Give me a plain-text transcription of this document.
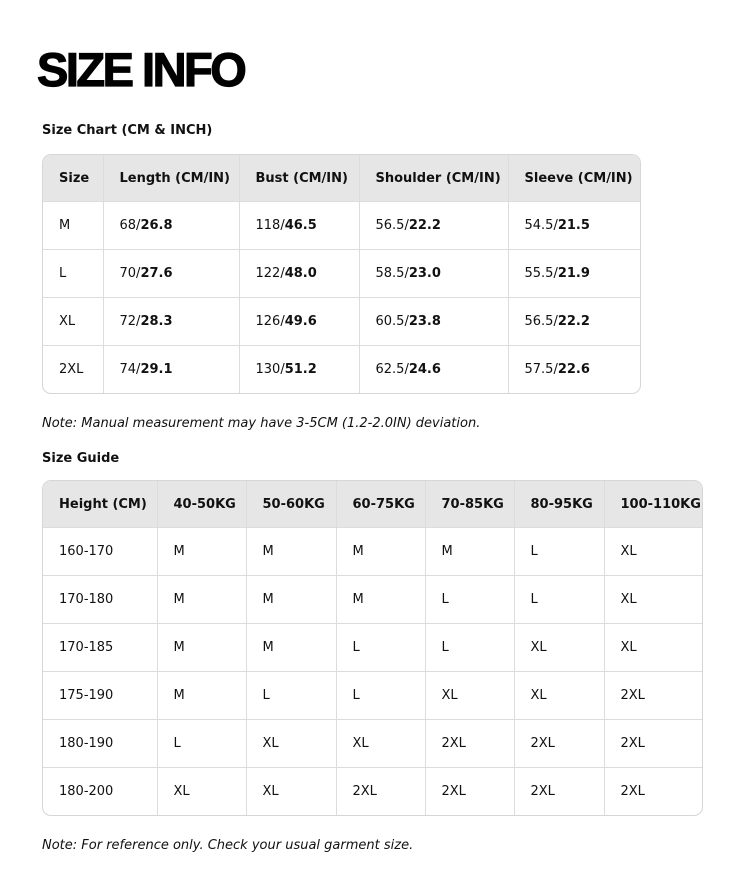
SIZE INFO
Size Chart (CM & INCH)
Size	Length (CM/IN)	Bust (CM/IN)	Shoulder (CM/IN)	Sleeve (CM/IN)
M	68/26.8	118/46.5	56.5/22.2	54.5/21.5
L	70/27.6	122/48.0	58.5/23.0	55.5/21.9
XL	72/28.3	126/49.6	60.5/23.8	56.5/22.2
2XL	74/29.1	130/51.2	62.5/24.6	57.5/22.6

Note: Manual measurement may have 3-5CM (1.2-2.0IN) deviation.

Size Guide
Height (CM)	40-50KG	50-60KG	60-75KG	70-85KG	80-95KG	100-110KG
160-170	M	M	M	M	L	XL
170-180	M	M	M	L	L	XL
170-185	M	M	L	L	XL	XL
175-190	M	L	L	XL	XL	2XL
180-190	L	XL	XL	2XL	2XL	2XL
180-200	XL	XL	2XL	2XL	2XL	2XL

Note: For reference only. Check your usual garment size.
